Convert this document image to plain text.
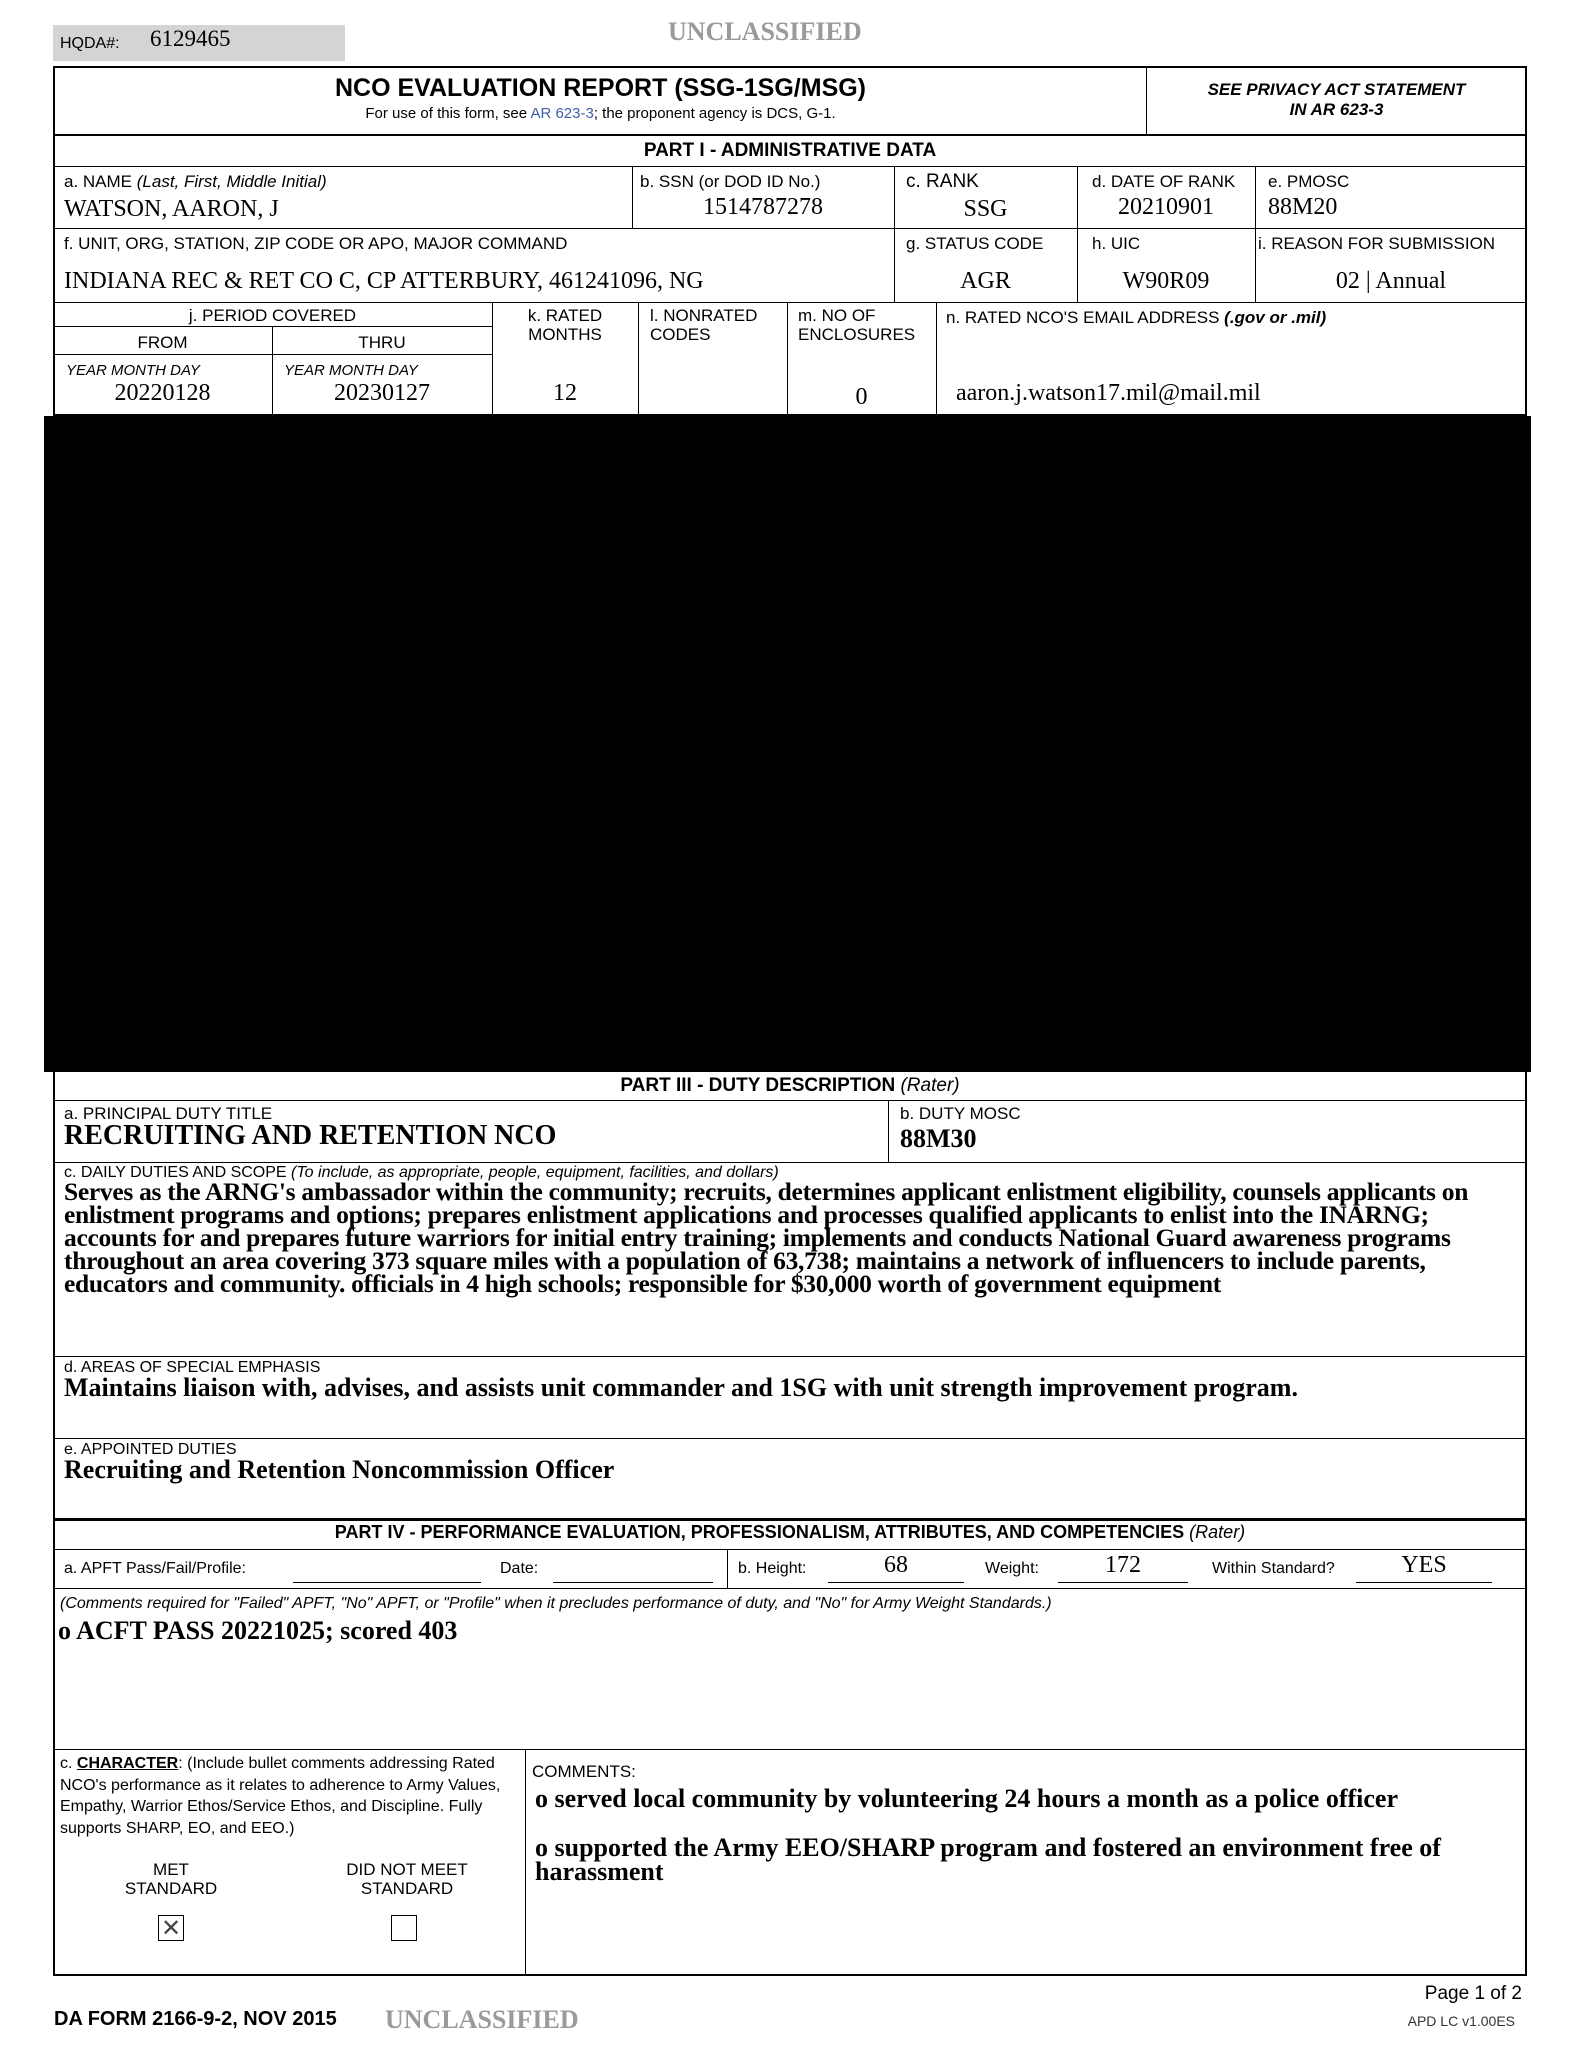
HQDA#: 6129465	UNCLASSIFIED
NCO EVALUATION REPORT (SSG-1SG/MSG)
For use of this form, see AR 623-3; the proponent agency is DCS, G-1.
SEE PRIVACY ACT STATEMENT
IN AR 623-3
PART I - ADMINISTRATIVE DATA
a. NAME (Last, First, Middle Initial)
WATSON, AARON, J
b. SSN (or DOD ID No.)
1514787278
c. RANK
SSG
d. DATE OF RANK
20210901
e. PMOSC
88M20
f. UNIT, ORG, STATION, ZIP CODE OR APO, MAJOR COMMAND
INDIANA REC & RET CO C, CP ATTERBURY, 461241096, NG
g. STATUS CODE
AGR
h. UIC
W90R09
i. REASON FOR SUBMISSION
02 | Annual
j. PERIOD COVERED
FROM	THRU
YEAR MONTH DAY	YEAR MONTH DAY
20220128	20230127
k. RATED
MONTHS
12
l. NONRATED
CODES
m. NO OF
ENCLOSURES
0
n. RATED NCO'S EMAIL ADDRESS (.gov or .mil)
aaron.j.watson17.mil@mail.mil
PART III - DUTY DESCRIPTION (Rater)
a. PRINCIPAL DUTY TITLE
RECRUITING AND RETENTION NCO
b. DUTY MOSC
88M30
c. DAILY DUTIES AND SCOPE (To include, as appropriate, people, equipment, facilities, and dollars)
Serves as the ARNG's ambassador within the community; recruits, determines applicant enlistment eligibility, counsels applicants on enlistment programs and options; prepares enlistment applications and processes qualified applicants to enlist into the INARNG; accounts for and prepares future warriors for initial entry training; implements and conducts National Guard awareness programs throughout an area covering 373 square miles with a population of 63,738; maintains a network of influencers to include parents, educators and community. officials in 4 high schools; responsible for $30,000 worth of government equipment
d. AREAS OF SPECIAL EMPHASIS
Maintains liaison with, advises, and assists unit commander and 1SG with unit strength improvement program.
e. APPOINTED DUTIES
Recruiting and Retention Noncommission Officer
PART IV - PERFORMANCE EVALUATION, PROFESSIONALISM, ATTRIBUTES, AND COMPETENCIES (Rater)
a. APFT Pass/Fail/Profile:	Date:	b. Height:	68	Weight:	172	Within Standard?	YES
(Comments required for "Failed" APFT, "No" APFT, or "Profile" when it precludes performance of duty, and "No" for Army Weight Standards.)
o ACFT PASS 20221025; scored 403
c. CHARACTER: (Include bullet comments addressing Rated NCO's performance as it relates to adherence to Army Values, Empathy, Warrior Ethos/Service Ethos, and Discipline. Fully supports SHARP, EO, and EEO.)
MET
STANDARD
DID NOT MEET
STANDARD
✕
COMMENTS:
o served local community by volunteering 24 hours a month as a police officer
o supported the Army EEO/SHARP program and fostered an environment free of harassment
DA FORM 2166-9-2, NOV 2015 UNCLASSIFIED
Page 1 of 2
APD LC v1.00ES
